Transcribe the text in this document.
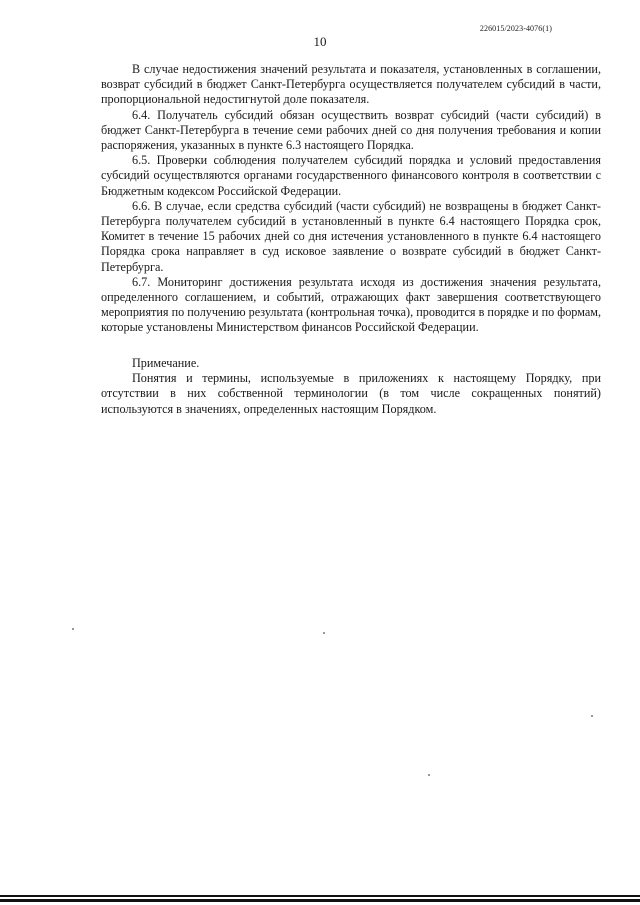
226015/2023-4076(1)
10

В случае недостижения значений результата и показателя, установленных в соглашении, возврат субсидий в бюджет Санкт-Петербурга осуществляется получателем субсидий в части, пропорциональной недостигнутой доле показателя.

6.4. Получатель субсидий обязан осуществить возврат субсидий (части субсидий) в бюджет Санкт-Петербурга в течение семи рабочих дней со дня получения требования и копии распоряжения, указанных в пункте 6.3 настоящего Порядка.

6.5. Проверки соблюдения получателем субсидий порядка и условий предоставления субсидий осуществляются органами государственного финансового контроля в соответствии с Бюджетным кодексом Российской Федерации.

6.6. В случае, если средства субсидий (части субсидий) не возвращены в бюджет Санкт-Петербурга получателем субсидий в установленный в пункте 6.4 настоящего Порядка срок, Комитет в течение 15 рабочих дней со дня истечения установленного в пункте 6.4 настоящего Порядка срока направляет в суд исковое заявление о возврате субсидий в бюджет Санкт-Петербурга.

6.7. Мониторинг достижения результата исходя из достижения значения результата, определенного соглашением, и событий, отражающих факт завершения соответствующего мероприятия по получению результата (контрольная точка), проводится в порядке и по формам, которые установлены Министерством финансов Российской Федерации.

Примечание.

Понятия и термины, используемые в приложениях к настоящему Порядку, при отсутствии в них собственной терминологии (в том числе сокращенных понятий) используются в значениях, определенных настоящим Порядком.
